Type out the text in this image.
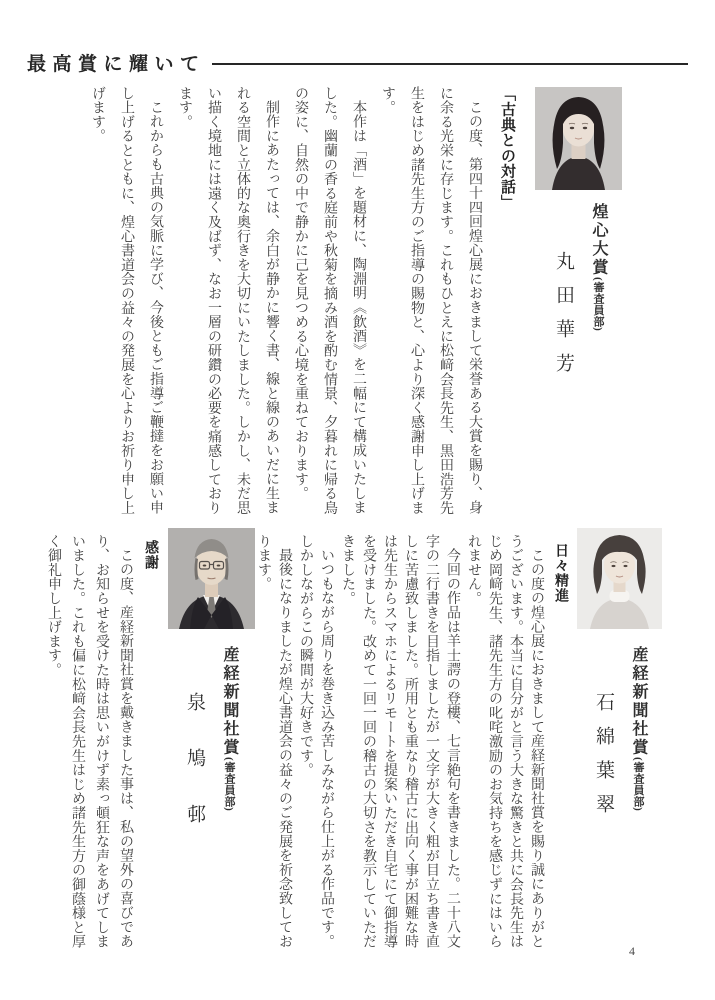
最高賞に耀いて
煌心大賞(審査員部)
丸田華芳
「古典との対話」

この度、第四十四回煌心展におきまして栄誉ある大賞を賜り、身に余る光栄に存じます。これもひとえに松﨑会長先生、黒田浩芳先生をはじめ諸先生方のご指導の賜物と、心より深く感謝申し上げます。

本作は「酒」を題材に、陶淵明《飲酒》を二幅にて構成いたしました。幽蘭の香る庭前や秋菊を摘み酒を酌む情景、夕暮れに帰る鳥の姿に、自然の中で静かに己を見つめる心境を重ねております。

制作にあたっては、余白が静かに響く書、線と線のあいだに生まれる空間と立体的な奥行きを大切にいたしました。しかし、未だ思い描く境地には遠く及ばず、なお一層の研鑽の必要を痛感しております。

これからも古典の気脈に学び、今後ともご指導ご鞭撻をお願い申し上げるとともに、煌心書道会の益々の発展を心よりお祈り申し上げます。

産経新聞社賞(審査員部)
石綿葉翠
日々精進

この度の煌心展におきまして産経新聞社賞を賜り誠にありがとうございます。本当に自分がと言う大きな驚きと共に会長先生はじめ岡﨑先生、諸先生方の叱咤激励のお気持ちを感じずにはいられません。

今回の作品は羊士諤の登樓、七言絶句を書きました。二十八文字の二行書きを目指しましたが一文字が大きく粗が目立ち書き直しに苦慮致しました。所用とも重なり稽古に出向く事が困難な時は先生からスマホによるリモートを提案いただき自宅にて御指導を受けました。改めて一回一回の稽古の大切さを教示していただきました。

いつもながら周りを巻き込み苦しみながら仕上がる作品です。しかしながらこの瞬間が大好きです。

最後になりましたが煌心書道会の益々のご発展を祈念致しております。

産経新聞社賞(審査員部)
泉鳩邨
感謝

この度、産経新聞社賞を戴きました事は、私の望外の喜びであり、お知らせを受けた時は思いがけず素っ頓狂な声をあげてしまいました。これも偏に松﨑会長先生はじめ諸先生方の御蔭様と厚く御礼申し上げます。

4
